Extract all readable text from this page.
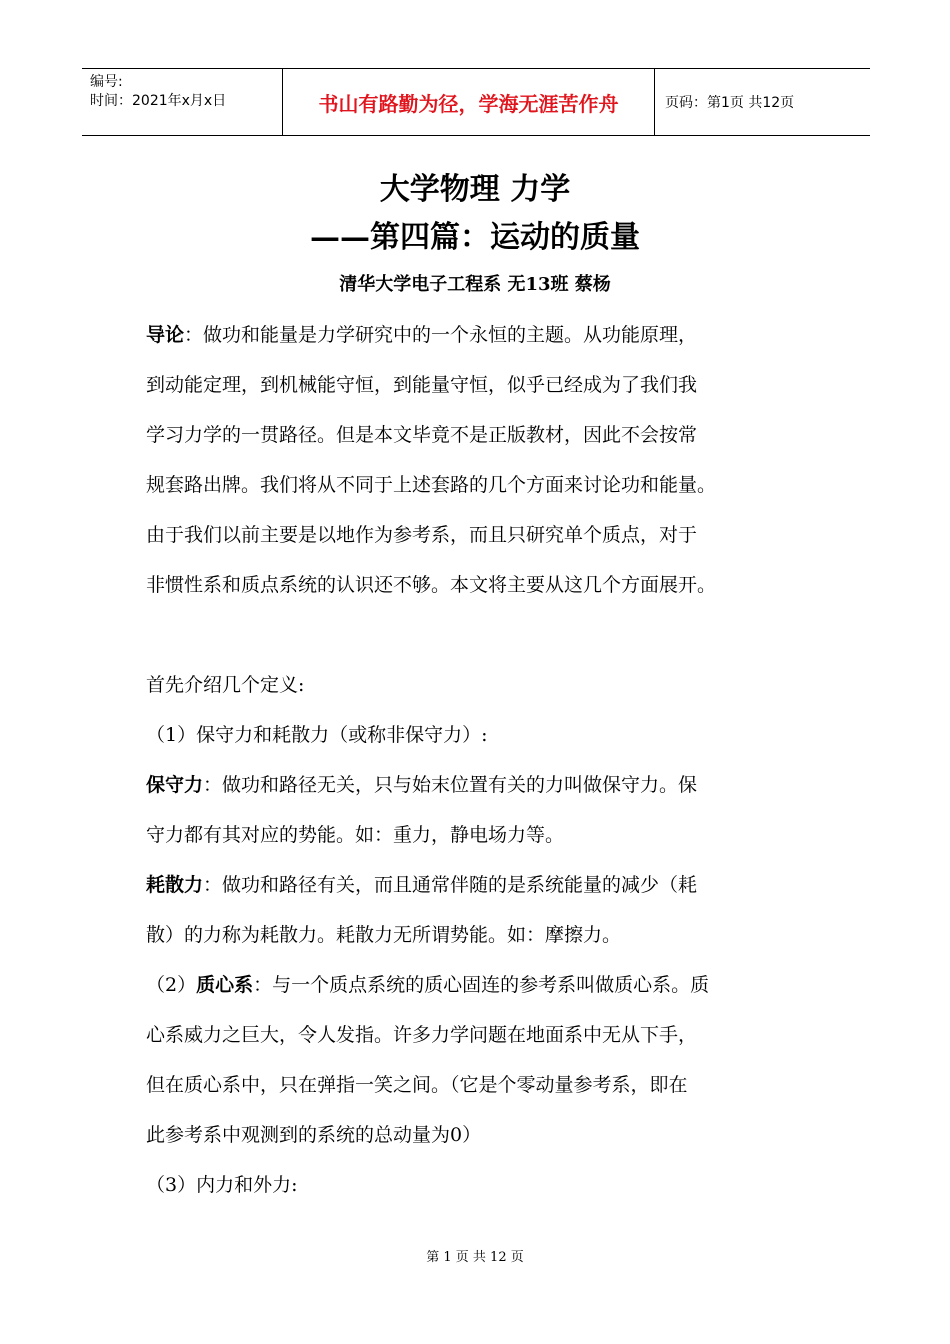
编号:
时间：2021年x月x日	书山有路勤为径，学海无涯苦作舟	页码：第1页 共12页
大学物理 力学
——第四篇：运动的质量
清华大学电子工程系 无13班 蔡杨

导论：做功和能量是力学研究中的一个永恒的主题。从功能原理，

到动能定理，到机械能守恒，到能量守恒，似乎已经成为了我们我

学习力学的一贯路径。但是本文毕竟不是正版教材，因此不会按常

规套路出牌。我们将从不同于上述套路的几个方面来讨论功和能量。

由于我们以前主要是以地作为参考系，而且只研究单个质点，对于

非惯性系和质点系统的认识还不够。本文将主要从这几个方面展开。

首先介绍几个定义:

（1）保守力和耗散力（或称非保守力）:

保守力：做功和路径无关，只与始末位置有关的力叫做保守力。保

守力都有其对应的势能。如：重力，静电场力等。

耗散力：做功和路径有关，而且通常伴随的是系统能量的减少（耗

散）的力称为耗散力。耗散力无所谓势能。如：摩擦力。

（2）质心系：与一个质点系统的质心固连的参考系叫做质心系。质

心系威力之巨大，令人发指。许多力学问题在地面系中无从下手，

但在质心系中，只在弹指一笑之间。（它是个零动量参考系，即在

此参考系中观测到的系统的总动量为0）

（3）内力和外力:

第 1 页 共 12 页
